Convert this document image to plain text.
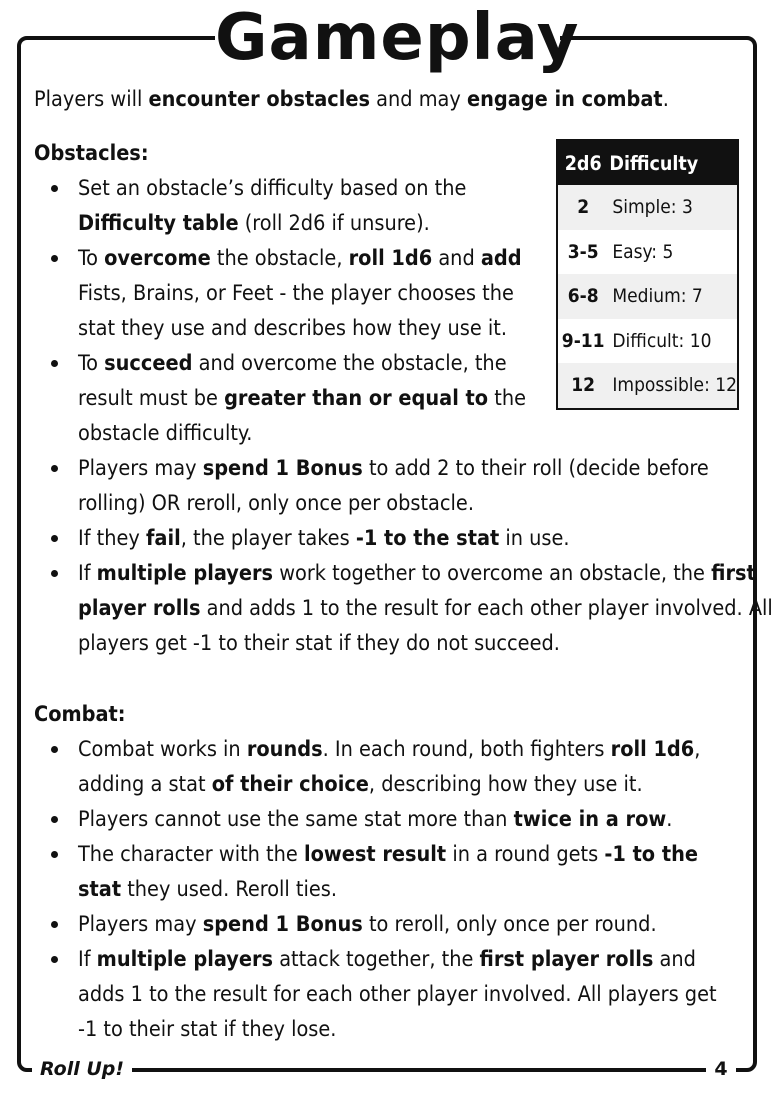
Gameplay
Players will encounter obstacles and may engage in combat.
Obstacles:
Set an obstacle’s difficulty based on the Difficulty table (roll 2d6 if unsure).
To overcome the obstacle, roll 1d6 and add Fists, Brains, or Feet - the player chooses the stat they use and describes how they use it.
To succeed and overcome the obstacle, the result must be greater than or equal to the obstacle difficulty.
Players may spend 1 Bonus to add 2 to their roll (decide before rolling) OR reroll, only once per obstacle.
If they fail, the player takes -1 to the stat in use.
If multiple players work together to overcome an obstacle, the first player rolls and adds 1 to the result for each other player involved. All players get -1 to their stat if they do not succeed.
2d6	Difficulty
2	Simple: 3
3-5	Easy: 5
6-8	Medium: 7
9-11	Difficult: 10
12	Impossible: 12
Combat:
Combat works in rounds. In each round, both fighters roll 1d6, adding a stat of their choice, describing how they use it.
Players cannot use the same stat more than twice in a row.
The character with the lowest result in a round gets -1 to the stat they used. Reroll ties.
Players may spend 1 Bonus to reroll, only once per round.
If multiple players attack together, the first player rolls and adds 1 to the result for each other player involved. All players get -1 to their stat if they lose.
Roll Up!	4
